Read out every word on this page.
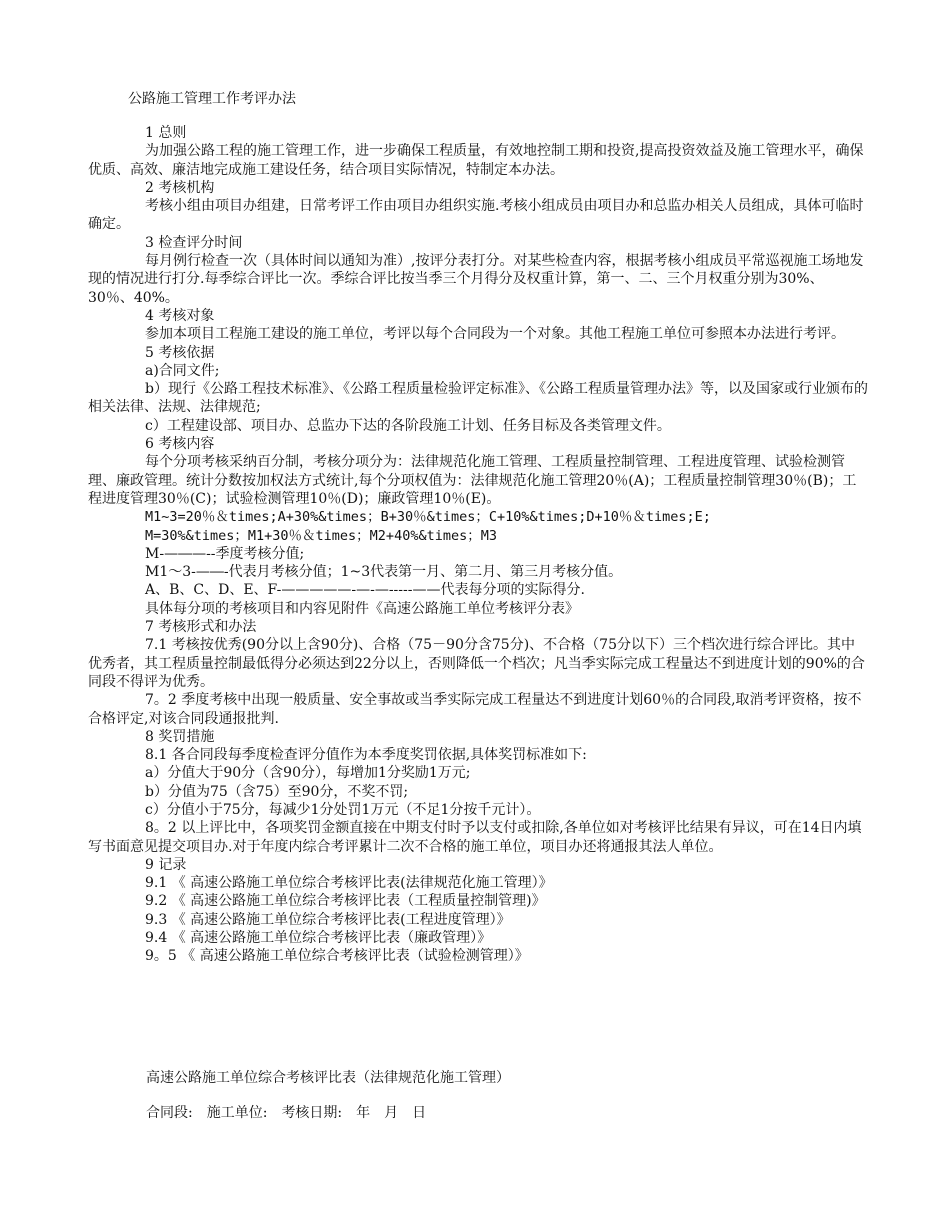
公路施工管理工作考评办法
1 总则
为加强公路工程的施工管理工作，进一步确保工程质量，有效地控制工期和投资,提高投资效益及施工管理水平，确保优质、高效、廉洁地完成施工建设任务，结合项目实际情况，特制定本办法。
2 考核机构
考核小组由项目办组建，日常考评工作由项目办组织实施.考核小组成员由项目办和总监办相关人员组成，具体可临时确定。
3 检查评分时间
每月例行检查一次（具体时间以通知为准）,按评分表打分。对某些检查内容，根据考核小组成员平常巡视施工场地发现的情况进行打分.每季综合评比一次。季综合评比按当季三个月得分及权重计算，第一、二、三个月权重分别为30%、30％、40%。
4 考核对象
参加本项目工程施工建设的施工单位，考评以每个合同段为一个对象。其他工程施工单位可参照本办法进行考评。
5 考核依据
a)合同文件;
b）现行《公路工程技术标准》、《公路工程质量检验评定标准》、《公路工程质量管理办法》等，以及国家或行业颁布的相关法律、法规、法律规范;
c）工程建设部、项目办、总监办下达的各阶段施工计划、任务目标及各类管理文件。
6 考核内容
每个分项考核采纳百分制，考核分项分为：法律规范化施工管理、工程质量控制管理、工程进度管理、试验检测管理、廉政管理。统计分数按加权法方式统计,每个分项权值为：法律规范化施工管理20％(A)；工程质量控制管理30％(B)；工程进度管理30％(C)；试验检测管理10％(D)；廉政管理10％(E)。
M1~3=20％＆times;A+30%&times；B+30％&times；C+10%&times;D+10％＆times;E;
M=30%&times；M1+30％＆times；M2+40%&times；M3
M-—―—--季度考核分值;
M1～3-—―-代表月考核分值；1~3代表第一月、第二月、第三月考核分值。
A、B、C、D、E、F-—————-—-—-----——代表每分项的实际得分.
具体每分项的考核项目和内容见附件《高速公路施工单位考核评分表》
7 考核形式和办法
7.1 考核按优秀(90分以上含90分)、合格（75－90分含75分)、不合格（75分以下）三个档次进行综合评比。其中优秀者，其工程质量控制最低得分必须达到22分以上，否则降低一个档次；凡当季实际完成工程量达不到进度计划的90%的合同段不得评为优秀。
7。2 季度考核中出现一般质量、安全事故或当季实际完成工程量达不到进度计划60％的合同段,取消考评资格，按不合格评定,对该合同段通报批判.
8 奖罚措施
8.1 各合同段每季度检查评分值作为本季度奖罚依据,具体奖罚标准如下:
a）分值大于90分（含90分），每增加1分奖励1万元;
b）分值为75（含75）至90分，不奖不罚;
c）分值小于75分，每减少1分处罚1万元（不足1分按千元计）。
8。2 以上评比中，各项奖罚金额直接在中期支付时予以支付或扣除,各单位如对考核评比结果有异议，可在14日内填写书面意见提交项目办.对于年度内综合考评累计二次不合格的施工单位，项目办还将通报其法人单位。
9 记录
9.1 《 高速公路施工单位综合考核评比表(法律规范化施工管理）》
9.2 《 高速公路施工单位综合考核评比表（工程质量控制管理)》
9.3 《 高速公路施工单位综合考核评比表(工程进度管理）》
9.4 《 高速公路施工单位综合考核评比表（廉政管理）》
9。5 《 高速公路施工单位综合考核评比表（试验检测管理）》
高速公路施工单位综合考核评比表（法律规范化施工管理）
合同段: 施工单位: 考核日期: 年 月 日
